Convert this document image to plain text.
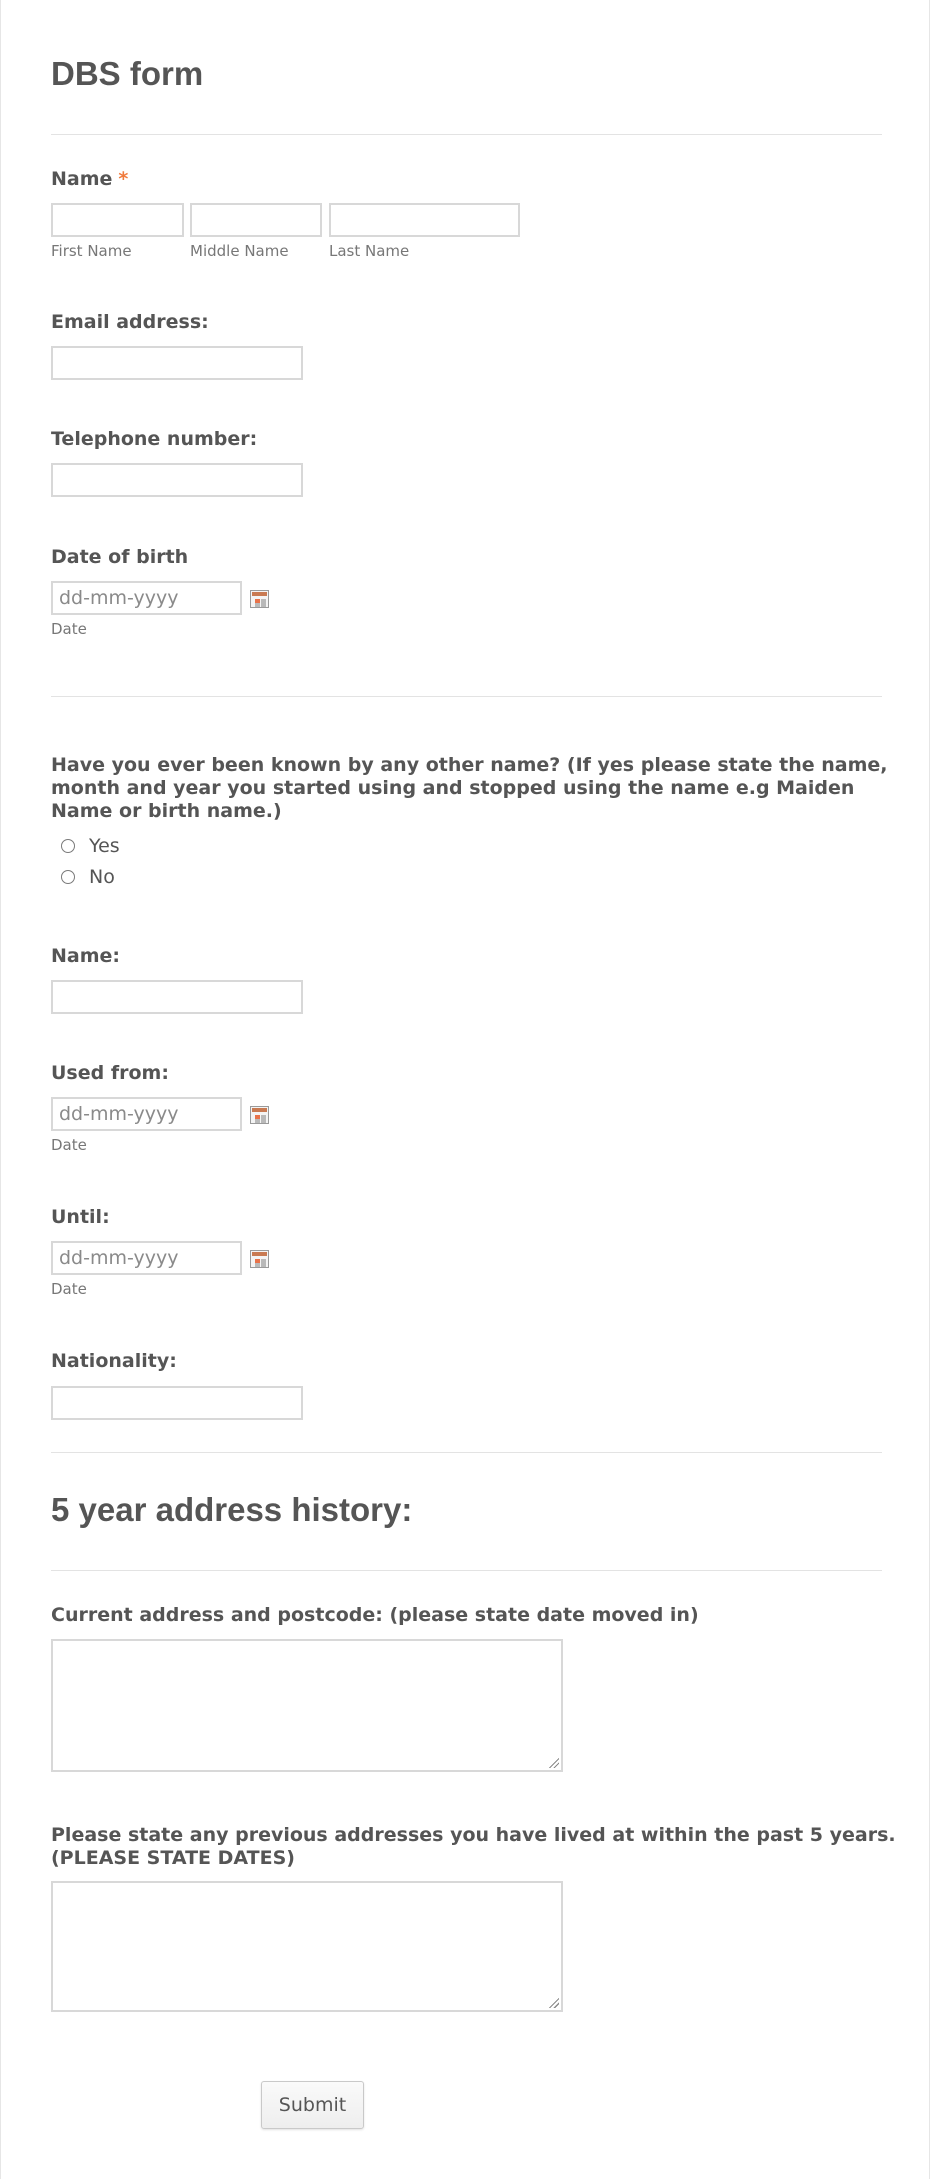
DBS form
Name *
First Name	Middle Name	Last Name
Email address:
Telephone number:
Date of birth
dd-mm-yyyy
Date
Have you ever been known by any other name? (If yes please state the name, month and year you started using and stopped using the name e.g Maiden Name or birth name.)
Yes
No
Name:
Used from:
dd-mm-yyyy
Date
Until:
dd-mm-yyyy
Date
Nationality:
5 year address history:
Current address and postcode: (please state date moved in)
Please state any previous addresses you have lived at within the past 5 years. (PLEASE STATE DATES)
Submit
